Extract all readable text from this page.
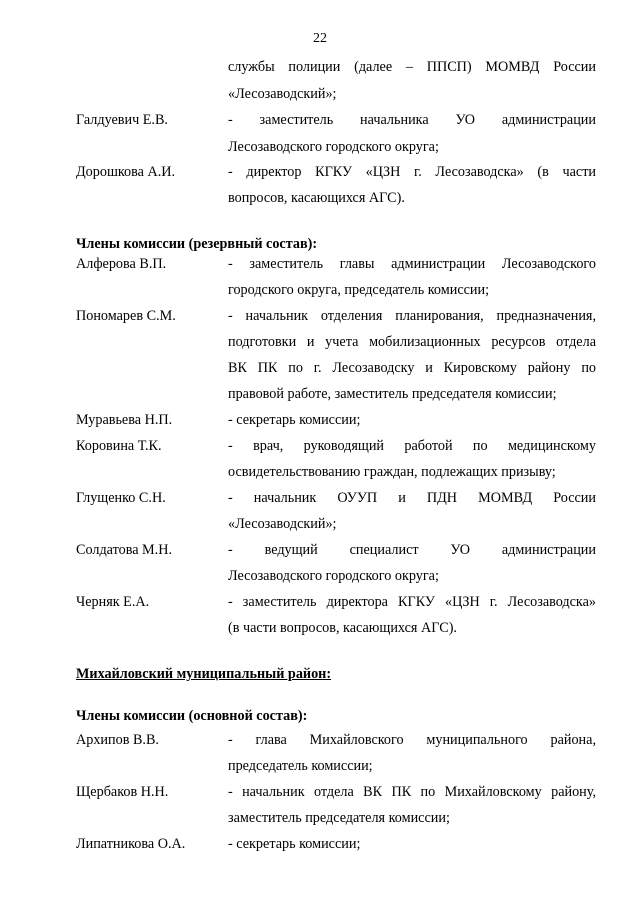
22
службы полиции (далее – ППСП) МОМВД России
«Лесозаводский»;
Галдуевич Е.В.	- заместитель начальника УО администрации
Лесозаводского городского округа;
Дорошкова А.И.	- директор КГКУ «ЦЗН г. Лесозаводска» (в части
вопросов, касающихся АГС).
Члены комиссии (резервный состав):
Алферова В.П.	- заместитель главы администрации Лесозаводского
городского округа, председатель комиссии;
Пономарев С.М.	- начальник отделения планирования, предназначения,
подготовки и учета мобилизационных ресурсов отдела
ВК ПК по г. Лесозаводску и Кировскому району по
правовой работе, заместитель председателя комиссии;
Муравьева Н.П.	- секретарь комиссии;
Коровина Т.К.	- врач, руководящий работой по медицинскому
освидетельствованию граждан, подлежащих призыву;
Глущенко С.Н.	- начальник ОУУП и ПДН МОМВД России
«Лесозаводский»;
Солдатова М.Н.	- ведущий специалист УО администрации
Лесозаводского городского округа;
Черняк Е.А.	- заместитель директора КГКУ «ЦЗН г. Лесозаводска»
(в части вопросов, касающихся АГС).
Михайловский муниципальный район:
Члены комиссии (основной состав):
Архипов В.В.	- глава Михайловского муниципального района,
председатель комиссии;
Щербаков Н.Н.	- начальник отдела ВК ПК по Михайловскому району,
заместитель председателя комиссии;
Липатникова О.А.	- секретарь комиссии;
